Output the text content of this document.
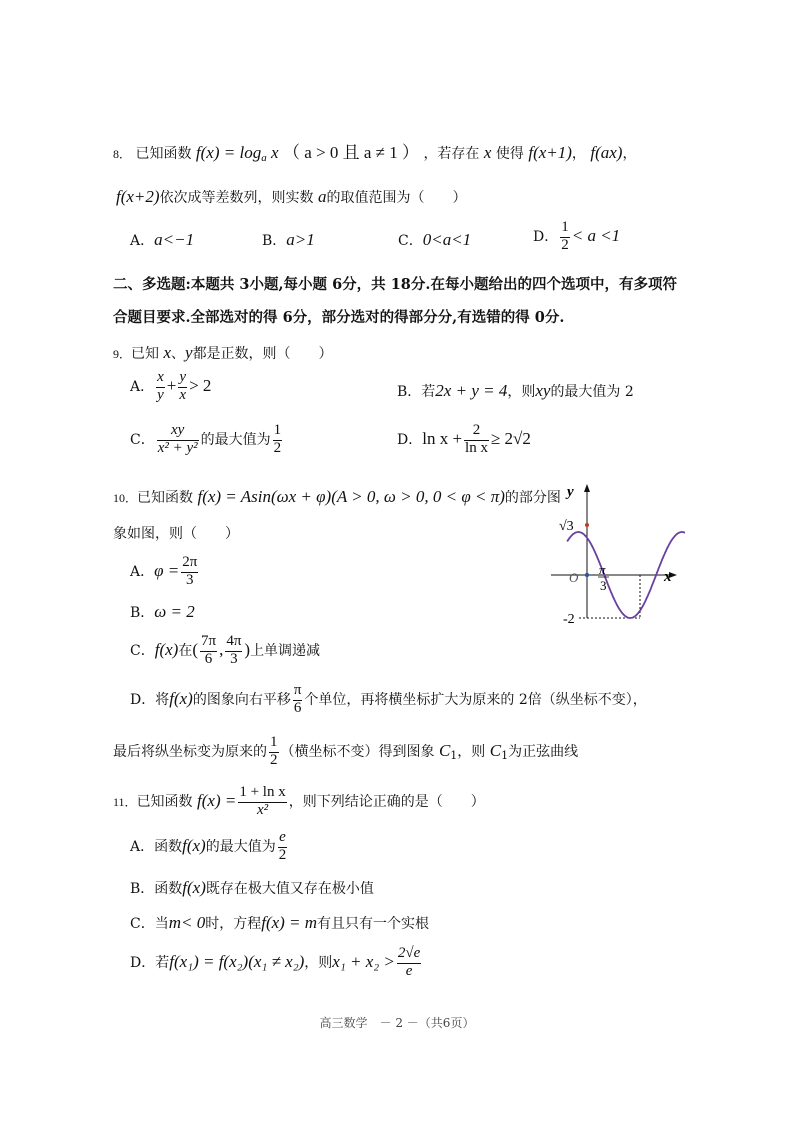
8． 已知函数 $f(x) = \log_a x$ （ a > 0 且 a ≠ 1 ） ，若存在 x 使得 f(x+1)， f(ax)，
f(x+2)依次成等差数列，则实数 a的取值范围为（　　）
A．a<−1	B．a>1	C．0<a<1	D． $\frac{1}{2} < a <1$
二、多选题:本题共 3小题,每小题 6分，共 18分.在每小题给出的四个选项中，有多项符
合题目要求.全部选对的得 6分，部分选对的得部分分,有选错的得 0分.
9．已知 x、y都是正数，则（　　）
A． $\frac{x}{y} + \frac{y}{x} > 2$	B．若2x + y = 4，则xy的最大值为 2
C． $\frac{xy}{\text{x² + y²}}$ 的最大值为 $\frac{1}{2}$	D．$\ln x + \frac{2}{\text{ln x}} \ge 2√2$
10．已知函数 f(x) = Asin(ωx + φ)(A > 0, ω > 0, 0 < φ < π)的部分图
象如图，则（　　）
A．$\varphi = \frac{2\pi}{3}$
B．ω = 2
C．f(x)在( $\frac{7\pi}{6}$ , $\frac{4\pi}{3}$ )上单调递减
D．将f(x)的图象向右平移 $\frac{\pi}{6}$ 个单位，再将横坐标扩大为原来的 2倍（纵坐标不变），
最后将纵坐标变为原来的 $\frac{1}{2}$ （横坐标不变）得到图象 $C_1$，则 $C_1$为正弦曲线
y
x
O
√3
π
3
-2
11．已知函数 $f(x) = \frac{\text{1 + ln x}}{\text{x²}}$ ，则下列结论正确的是（　　）
A．函数f(x)的最大值为 $\frac{e}{2}$
B．函数f(x)既存在极大值又存在极小值
C．当m< 0时，方程f(x) = m有且只有一个实根
D．若f(x₁) = f(x₂)(x₁ ≠ x₂)，则$x_1 + x_2 > \frac{2√e}{e}$
高三数学　－ 2 －（共6页）
